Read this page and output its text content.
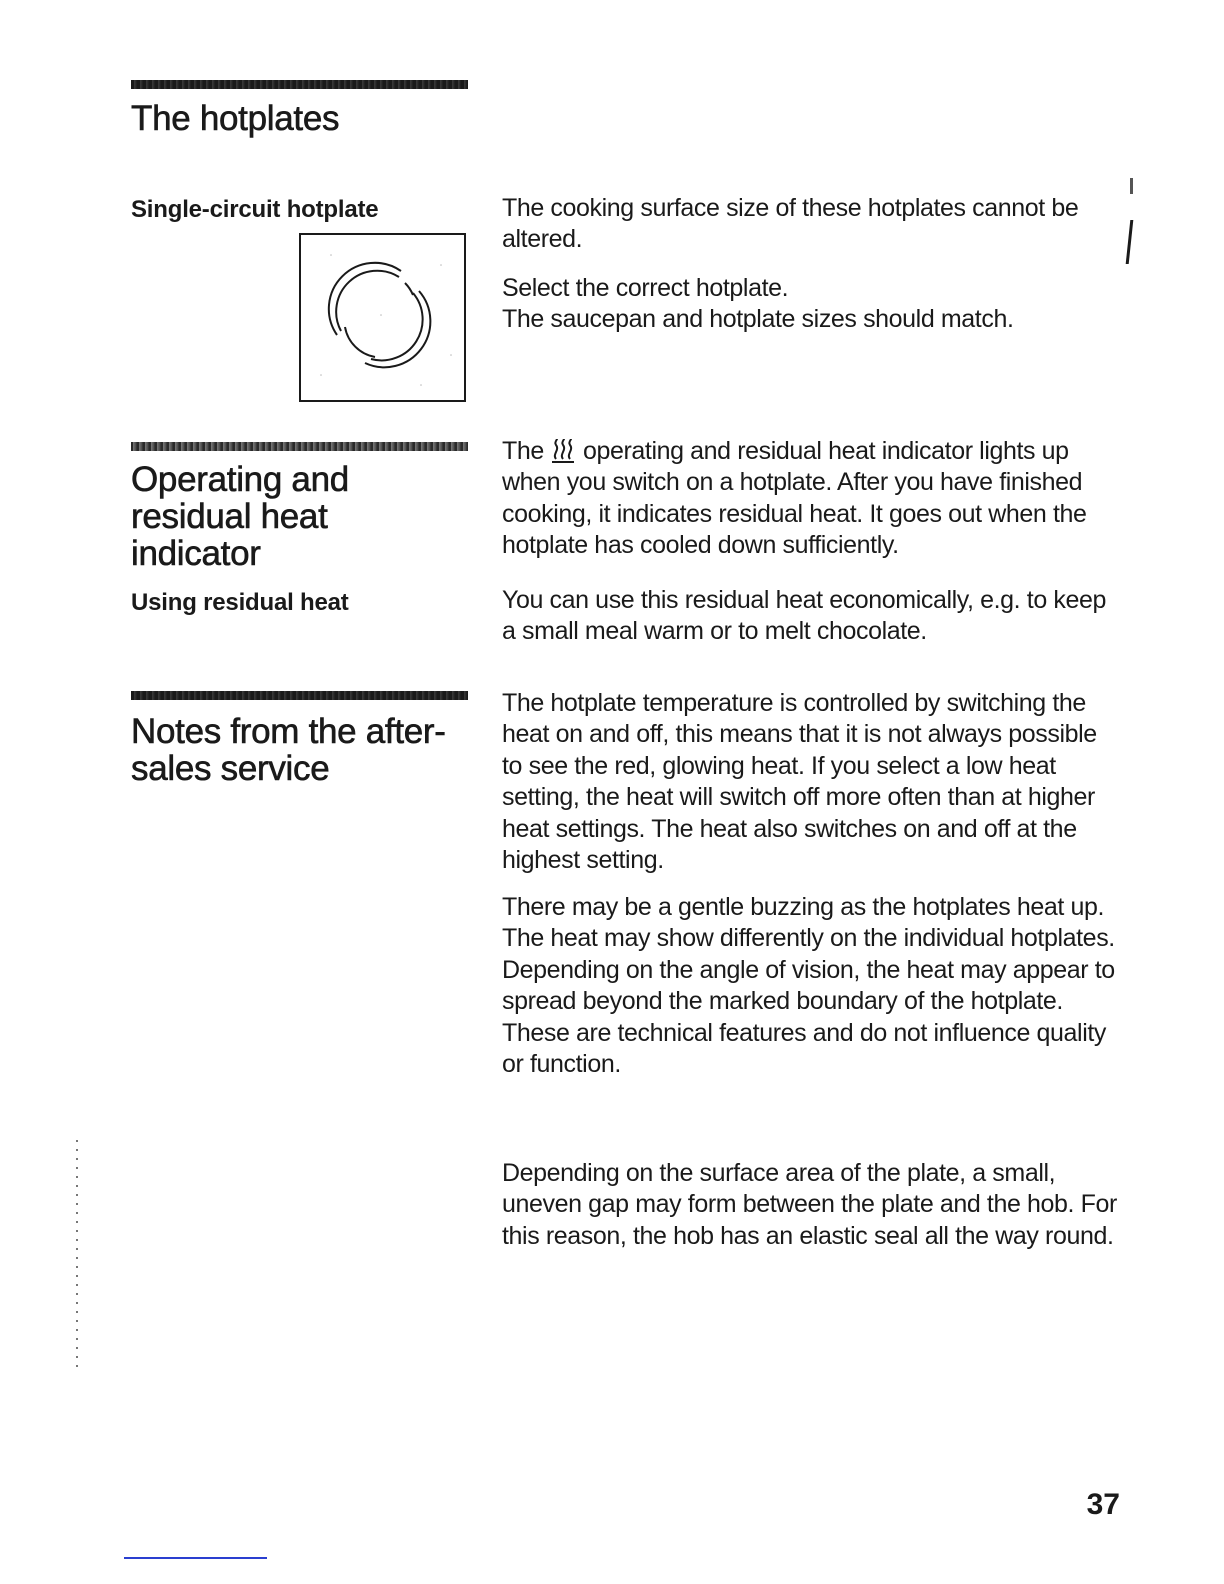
The hotplates
Single-circuit hotplate	The cooking surface size of these hotplates cannot be altered.

Select the correct hotplate.
The saucepan and hotplate sizes should match.

Operating and residual heat indicator
Using residual heat

The  operating and residual heat indicator lights up when you switch on a hotplate. After you have finished cooking, it indicates residual heat. It goes out when the hotplate has cooled down sufficiently.

You can use this residual heat economically, e.g. to keep a small meal warm or to melt chocolate.

Notes from the after-sales service

The hotplate temperature is controlled by switching the heat on and off, this means that it is not always possible to see the red, glowing heat. If you select a low heat setting, the heat will switch off more often than at higher heat settings. The heat also switches on and off at the highest setting.

There may be a gentle buzzing as the hotplates heat up.
The heat may show differently on the individual hotplates. Depending on the angle of vision, the heat may appear to spread beyond the marked boundary of the hotplate.
These are technical features and do not influence quality or function.

Depending on the surface area of the plate, a small, uneven gap may form between the plate and the hob. For this reason, the hob has an elastic seal all the way round.

37
